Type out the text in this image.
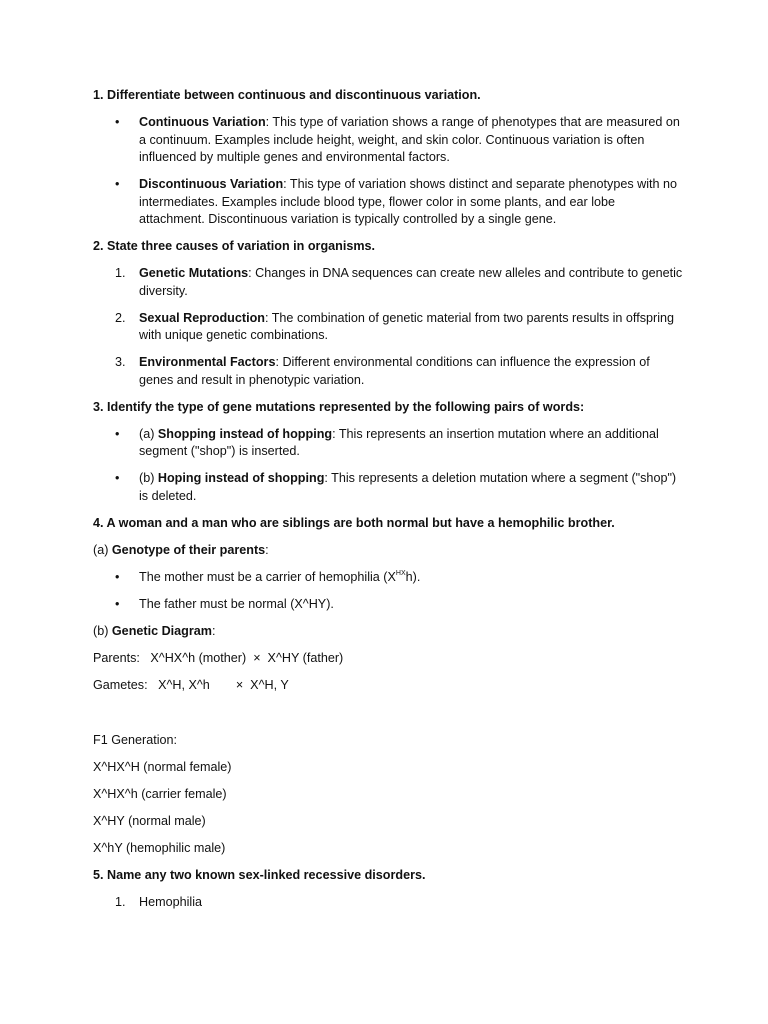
1. Differentiate between continuous and discontinuous variation.

• Continuous Variation: This type of variation shows a range of phenotypes that are measured on a continuum. Examples include height, weight, and skin color. Continuous variation is often influenced by multiple genes and environmental factors.
• Discontinuous Variation: This type of variation shows distinct and separate phenotypes with no intermediates. Examples include blood type, flower color in some plants, and ear lobe attachment. Discontinuous variation is typically controlled by a single gene.

2. State three causes of variation in organisms.

1. Genetic Mutations: Changes in DNA sequences can create new alleles and contribute to genetic diversity.
2. Sexual Reproduction: The combination of genetic material from two parents results in offspring with unique genetic combinations.
3. Environmental Factors: Different environmental conditions can influence the expression of genes and result in phenotypic variation.

3. Identify the type of gene mutations represented by the following pairs of words:

• (a) Shopping instead of hopping: This represents an insertion mutation where an additional segment ("shop") is inserted.
• (b) Hoping instead of shopping: This represents a deletion mutation where a segment ("shop") is deleted.

4. A woman and a man who are siblings are both normal but have a hemophilic brother.

(a) Genotype of their parents:

• The mother must be a carrier of hemophilia $(X^{HX}h)$.
• The father must be normal (X^HY).

(b) Genetic Diagram:

Parents:   X^HX^h (mother)  ×  X^HY (father)

Gametes:   X^H, X^h ×  X^H, Y

F1 Generation:

X^HX^H (normal female)

X^HX^h (carrier female)

X^HY (normal male)

X^hY (hemophilic male)

5. Name any two known sex-linked recessive disorders.

1. Hemophilia
